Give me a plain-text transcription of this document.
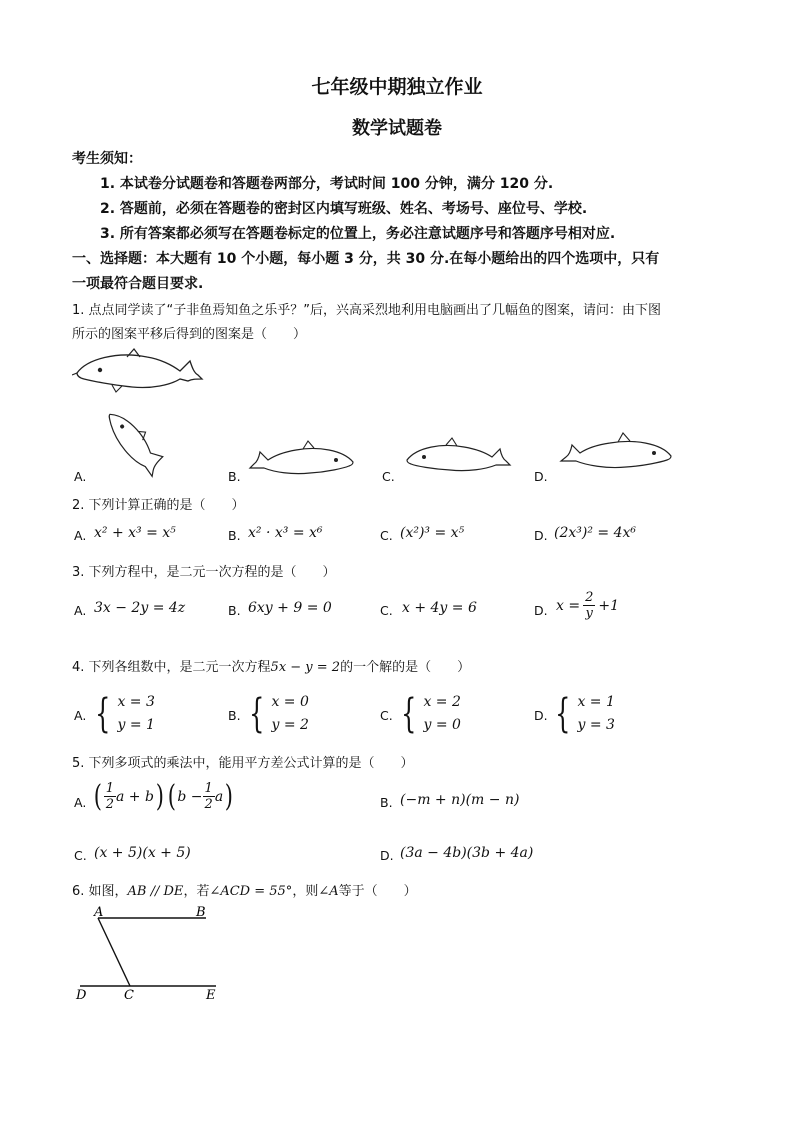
七年级中期独立作业
数学试题卷
考生须知：
1. 本试卷分试题卷和答题卷两部分，考试时间 100 分钟，满分 120 分.
2. 答题前，必须在答题卷的密封区内填写班级、姓名、考场号、座位号、学校.
3. 所有答案都必须写在答题卷标定的位置上，务必注意试题序号和答题序号相对应.
一、选择题：本大题有 10 个小题，每小题 3 分，共 30 分.在每小题给出的四个选项中，只有
一项最符合题目要求.
1. 点点同学读了“子非鱼焉知鱼之乐乎？”后，兴高采烈地利用电脑画出了几幅鱼的图案，请问：由下图
所示的图案平移后得到的图案是（　　）
A.	B.	C.	D.
2. 下列计算正确的是（　　）
A. x² + x³ = x⁵	B. x² · x³ = x⁶	C. (x²)³ = x⁵	D. (2x³)² = 4x⁶
3. 下列方程中，是二元一次方程的是（　　）
A. 3x − 2y = 4z	B. 6xy + 9 = 0	C. x + 4y = 6	D. $x = \frac{2}{y} +1$
4. 下列各组数中，是二元一次方程5x − y = 2的一个解的是（　　）
A. { x = 3
y = 1
B. { x = 0
y = 2
C. { x = 2
y = 0
D. { x = 1
y = 3
5. 下列多项式的乘法中，能用平方差公式计算的是（　　）
A. ( $\frac{1}{2}$ a + b ) ( $b - \frac{1}{2}$ a )	B. (−m + n)(m − n)
C. (x + 5)(x + 5)	D. (3a − 4b)(3b + 4a)
6. 如图，AB // DE，若∠ACD = 55°，则∠A等于（　　）
A	B
D	C	E
